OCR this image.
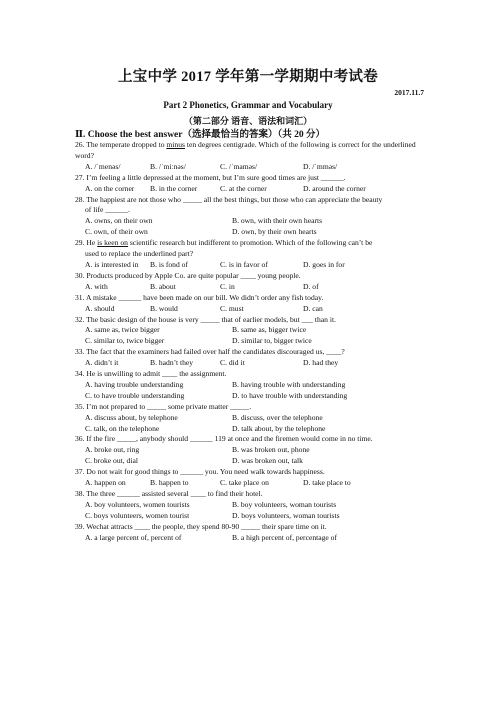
上宝中学 2017 学年第一学期期中考试卷
2017.11.7
Part 2 Phonetics, Grammar and Vocabulary
（第二部分 语音、语法和词汇）
Ⅱ. Choose the best answer（选择最恰当的答案）（共 20 分）
26. The temperate dropped to minus ten degrees centigrade. Which of the following is correct for the underlined word?
A. /ˈmenəs/	B. /ˈmiːnəs/	C. /ˈmaməs/	D. /ˈmməs/
27. I’m feeling a little depressed at the moment, but I’m sure good times are just ______.
A. on the corner	B. in the corner	C. at the corner	D. around the corner
28. The happiest are not those who _____ all the best things, but those who can appreciate the beauty
of life ______.
A. owns, on their own	B. own, with their own hearts
C. own, of their own	D. own, by their own hearts
29. He is keen on scientific research but indifferent to promotion. Which of the following can’t be
used to replace the underlined part?
A. is interested in	B. is fond of	C. is in favor of	D. goes in for
30. Products produced by Apple Co. are quite popular ____ young people.
A. with	B. about	C. in	D. of
31. A mistake ______ have been made on our bill. We didn’t order any fish today.
A. should	B. would	C. must	D. can
32. The basic design of the house is very _____ that of earlier models, but ___ than it.
A. same as, twice bigger	B. same as, bigger twice
C. similar to, twice bigger	D. similar to, bigger twice
33. The fact that the examiners had failed over half the candidates discouraged us, ____?
A. didn’t it	B. hadn’t they	C. did it	D. had they
34. He is unwilling to admit ____ the assignment.
A. having trouble understanding	B. having trouble with understanding
C. to have trouble understanding	D. to have trouble with understanding
35. I’m not prepared to _____ some private matter _____.
A. discuss about, by telephone	B. discuss, over the telephone
C. talk, on the telephone	D. talk about, by the telephone
36. If the fire _____, anybody should ______ 119 at once and the firemen would come in no time.
A. broke out, ring	B. was broken out, phone
C. broke out, dial	D. was broken out, talk
37. Do not wait for good things to ______ you. You need walk towards happiness.
A. happen on	B. happen to	C. take place on	D. take place to
38. The three ______ assisted several ____ to find their hotel.
A. boy volunteers, women tourists	B. boy volunteers, woman tourists
C. boys volunteers, women tourist	D. boys volunteers, woman tourists
39. Wechat attracts ____ the people, they spend 80-90 _____ their spare time on it.
A. a large percent of, percent of	B. a high percent of, percentage of
